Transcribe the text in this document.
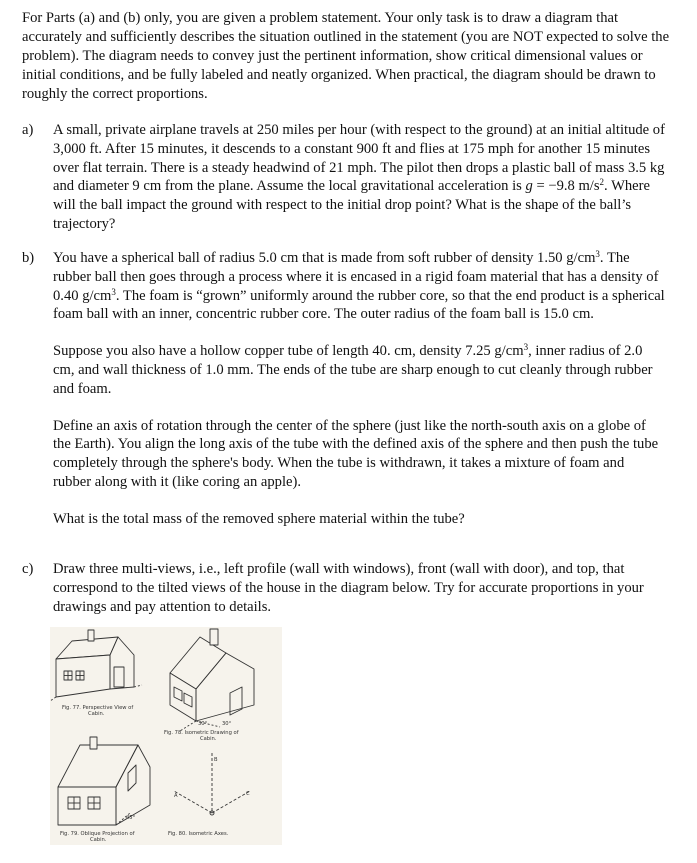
For Parts (a) and (b) only, you are given a problem statement. Your only task is to draw a diagram that accurately and sufficiently describes the situation outlined in the statement (you are NOT expected to solve the problem). The diagram needs to convey just the pertinent information, show critical dimensional values or initial conditions, and be fully labeled and neatly organized. When practical, the diagram should be drawn to roughly the correct proportions.

a)	A small, private airplane travels at 250 miles per hour (with respect to the ground) at an initial altitude of 3,000 ft. After 15 minutes, it descends to a constant 900 ft and flies at 175 mph for another 15 minutes over flat terrain. There is a steady headwind of 21 mph. The pilot then drops a plastic ball of mass 3.5 kg and diameter 9 cm from the plane. Assume the local gravitational acceleration is g = −9.8 $m/s^2$. Where will the ball impact the ground with respect to the initial drop point? What is the shape of the ball’s trajectory?

b)	You have a spherical ball of radius 5.0 cm that is made from soft rubber of density 1.50 $g/cm^3$. The rubber ball then goes through a process where it is encased in a rigid foam material that has a density of 0.40 $g/cm^3$. The foam is “grown” uniformly around the rubber core, so that the end product is a spherical foam ball with an inner, concentric rubber core. The outer radius of the foam ball is 15.0 cm.

Suppose you also have a hollow copper tube of length 40. cm, density 7.25 $g/cm^3$, inner radius of 2.0 cm, and wall thickness of 1.0 mm. The ends of the tube are sharp enough to cut cleanly through rubber and foam.

Define an axis of rotation through the center of the sphere (just like the north-south axis on a globe of the Earth). You align the long axis of the tube with the defined axis of the sphere and then push the tube completely through the sphere's body. When the tube is withdrawn, it takes a mixture of foam and rubber along with it (like coring an apple).

What is the total mass of the removed sphere material within the tube?

c)	Draw three multi-views, i.e., left profile (wall with windows), front (wall with door), and top, that correspond to the tilted views of the house in the diagram below. Try for accurate proportions in your drawings and pay attention to details.

Fig. 77. Perspective View of
Cabin.
Fig. 78. Isometric Drawing of
Cabin.
30°	30°
45°
B
A	C
Fig. 79. Oblique Projection of
Cabin.
Fig. 80. Isometric Axes.
